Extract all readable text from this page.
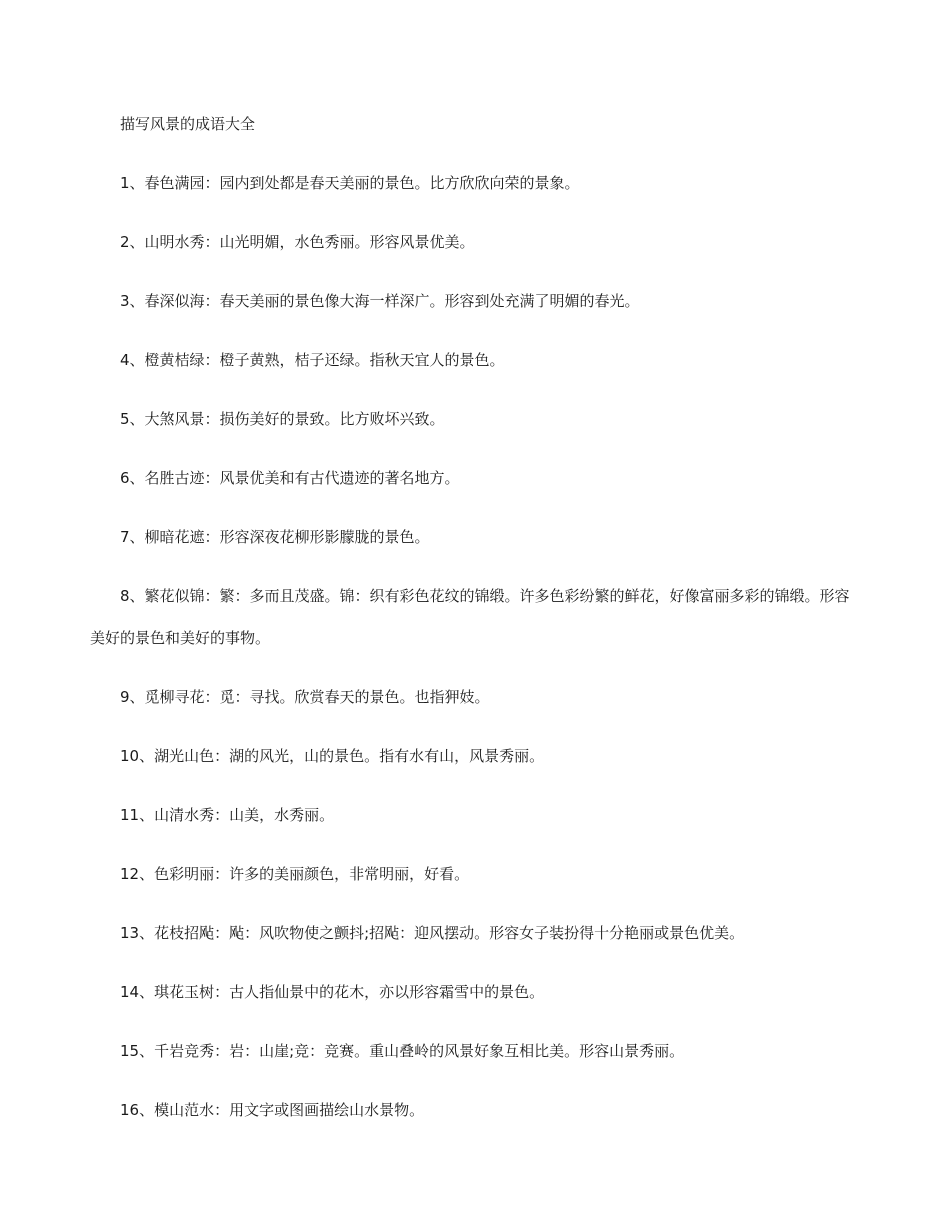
描写风景的成语大全
1、春色满园：园内到处都是春天美丽的景色。比方欣欣向荣的景象。
2、山明水秀：山光明媚，水色秀丽。形容风景优美。
3、春深似海：春天美丽的景色像大海一样深广。形容到处充满了明媚的春光。
4、橙黄桔绿：橙子黄熟，桔子还绿。指秋天宜人的景色。
5、大煞风景：损伤美好的景致。比方败坏兴致。
6、名胜古迹：风景优美和有古代遗迹的著名地方。
7、柳暗花遮：形容深夜花柳形影朦胧的景色。
8、繁花似锦：繁：多而且茂盛。锦：织有彩色花纹的锦缎。许多色彩纷繁的鲜花，好像富丽多彩的锦缎。形容美好的景色和美好的事物。
9、觅柳寻花：觅：寻找。欣赏春天的景色。也指狎妓。
10、湖光山色：湖的风光，山的景色。指有水有山，风景秀丽。
11、山清水秀：山美，水秀丽。
12、色彩明丽：许多的美丽颜色，非常明丽，好看。
13、花枝招飐：飐：风吹物使之颤抖;招飐：迎风摆动。形容女子装扮得十分艳丽或景色优美。
14、琪花玉树：古人指仙景中的花木，亦以形容霜雪中的景色。
15、千岩竞秀：岩：山崖;竞：竞赛。重山叠岭的风景好象互相比美。形容山景秀丽。
16、模山范水：用文字或图画描绘山水景物。
